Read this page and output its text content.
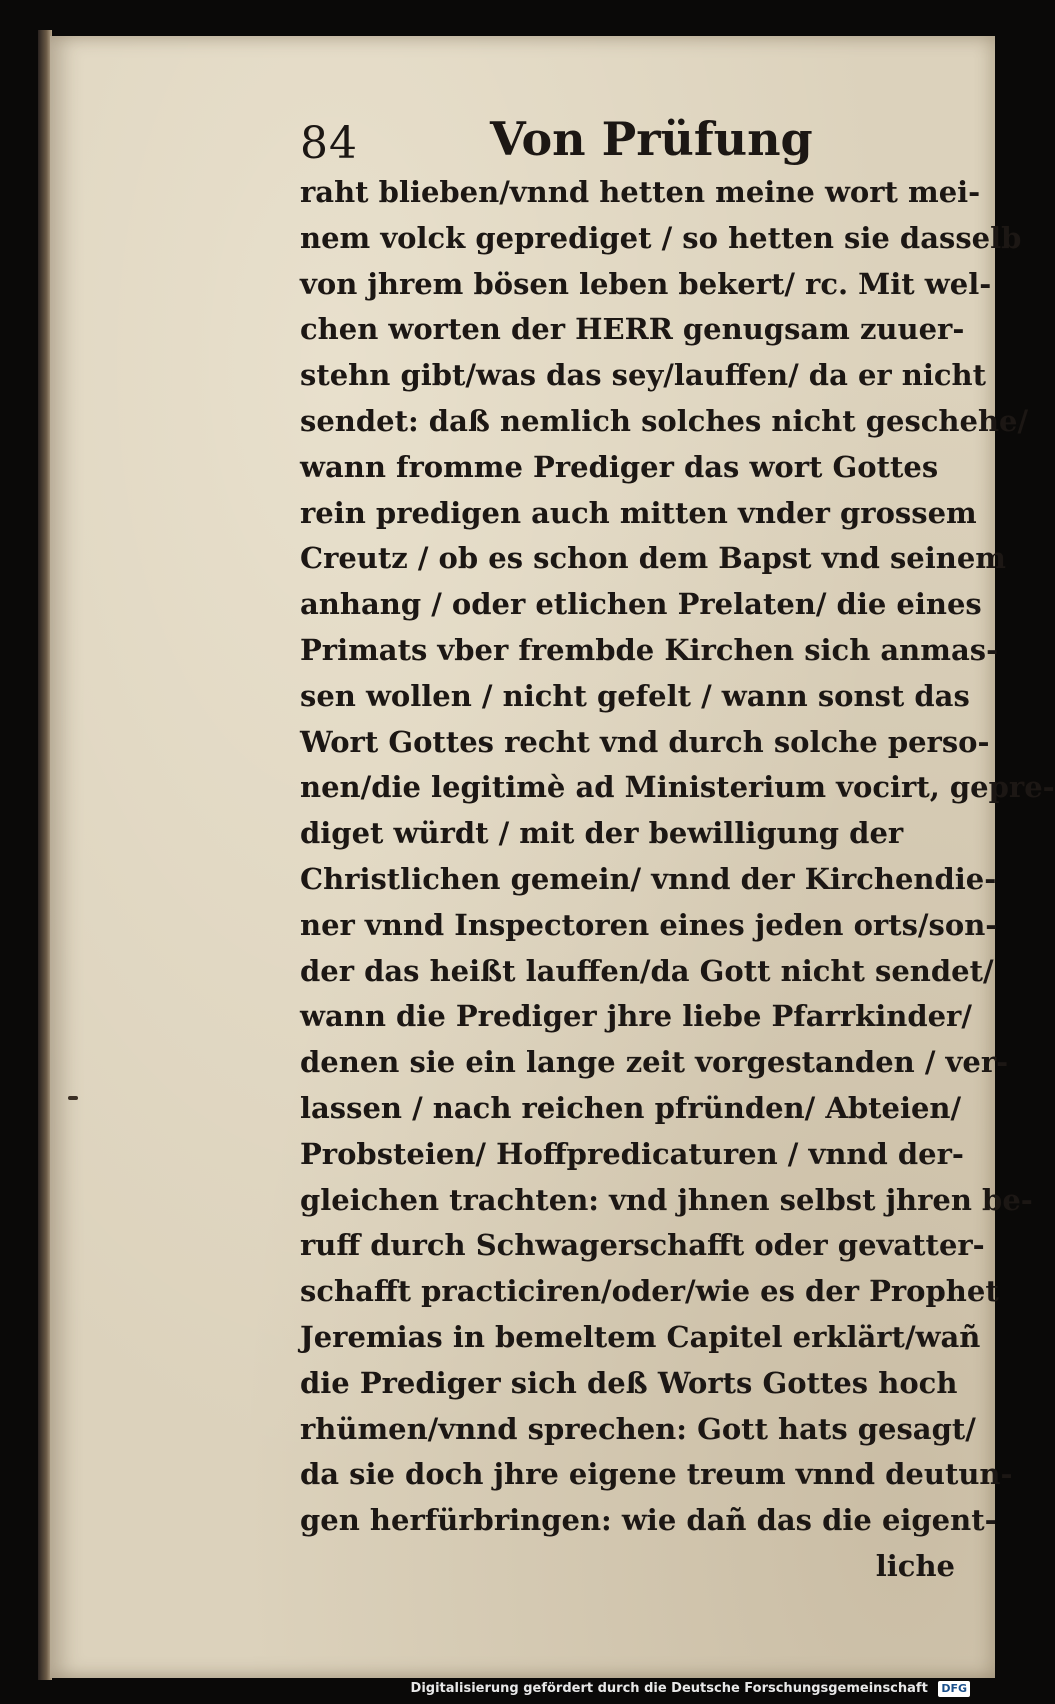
84	Von Prüfung
raht blieben/vnnd hetten meine wort mei-
nem volck geprediget / so hetten sie dasselb
von jhrem bösen leben bekert/ rc. Mit wel-
chen worten der HERR genugsam zuuer-
stehn gibt/was das sey/lauffen/ da er nicht
sendet: daß nemlich solches nicht geschehe/
wann fromme Prediger das wort Gottes
rein predigen auch mitten vnder grossem
Creutz / ob es schon dem Bapst vnd seinem
anhang / oder etlichen Prelaten/ die eines
Primats vber frembde Kirchen sich anmas-
sen wollen / nicht gefelt / wann sonst das
Wort Gottes recht vnd durch solche perso-
nen/die legitimè ad Ministerium vocirt, gepre-
diget würdt / mit der bewilligung der
Christlichen gemein/ vnnd der Kirchendie-
ner vnnd Inspectoren eines jeden orts/son-
der das heißt lauffen/da Gott nicht sendet/
wann die Prediger jhre liebe Pfarrkinder/
denen sie ein lange zeit vorgestanden / ver-
lassen / nach reichen pfründen/ Abteien/
Probsteien/ Hoffpredicaturen / vnnd der-
gleichen trachten: vnd jhnen selbst jhren be-
ruff durch Schwagerschafft oder gevatter-
schafft practiciren/oder/wie es der Prophet
Jeremias in bemeltem Capitel erklärt/wañ
die Prediger sich deß Worts Gottes hoch
rhümen/vnnd sprechen: Gott hats gesagt/
da sie doch jhre eigene treum vnnd deutun-
gen herfürbringen: wie dañ das die eigent-
liche
Digitalisierung gefördert durch die Deutsche Forschungsgemeinschaft DFG
